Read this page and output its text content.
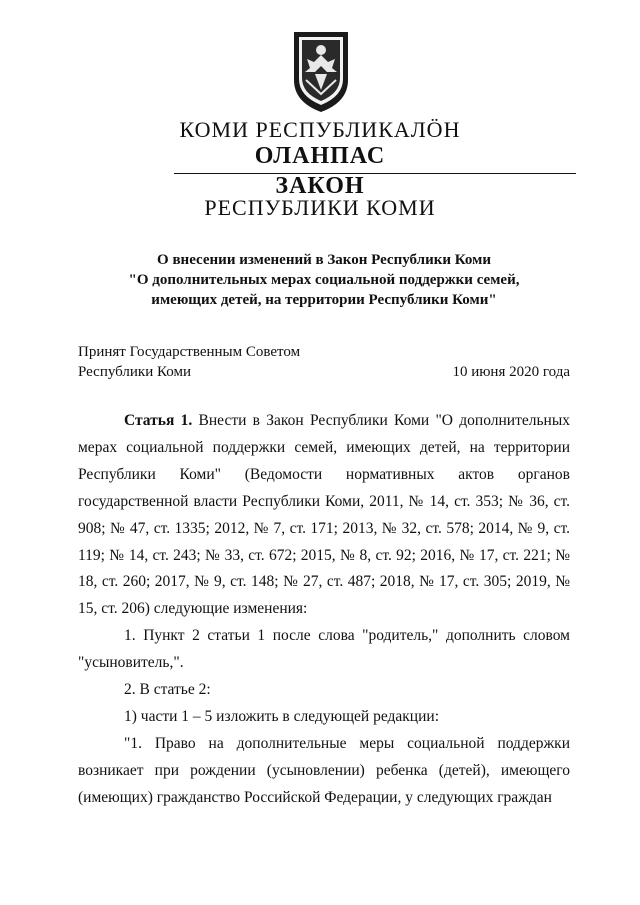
КОМИ РЕСПУБЛИКАЛÖН
ОЛАНПАС
ЗАКОН
РЕСПУБЛИКИ КОМИ
О внесении изменений в Закон Республики Коми
"О дополнительных мерах социальной поддержки семей,
имеющих детей, на территории Республики Коми"
Принят Государственным Советом
Республики Коми	10 июня 2020 года

Статья 1. Внести в Закон Республики Коми "О дополнительных мерах социальной поддержки семей, имеющих детей, на территории Республики Коми" (Ведомости нормативных актов органов государственной власти Республики Коми, 2011, № 14, ст. 353; № 36, ст. 908; № 47, ст. 1335; 2012, № 7, ст. 171; 2013, № 32, ст. 578; 2014, № 9, ст. 119; № 14, ст. 243; № 33, ст. 672; 2015, № 8, ст. 92; 2016, № 17, ст. 221; № 18, ст. 260; 2017, № 9, ст. 148; № 27, ст. 487; 2018, № 17, ст. 305; 2019, № 15, ст. 206) следующие изменения:

1. Пункт 2 статьи 1 после слова "родитель," дополнить словом "усыновитель,".

2. В статье 2:

1) части 1 – 5 изложить в следующей редакции:

"1. Право на дополнительные меры социальной поддержки возникает при рождении (усыновлении) ребенка (детей), имеющего (имеющих) гражданство Российской Федерации, у следующих граждан
